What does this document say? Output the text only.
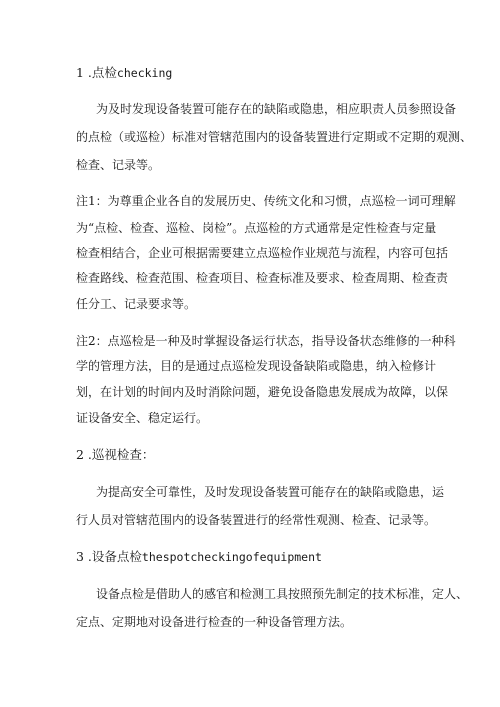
1 .点检checking
为及时发现设备装置可能存在的缺陷或隐患，相应职责人员参照设备
的点检（或巡检）标准对管辖范围内的设备装置进行定期或不定期的观测、
检查、记录等。
注1：为尊重企业各自的发展历史、传统文化和习惯，点巡检一词可理解
为“点检、检查、巡检、岗检”。点巡检的方式通常是定性检查与定量
检查相结合，企业可根据需要建立点巡检作业规范与流程，内容可包括
检查路线、检查范围、检查项目、检查标准及要求、检查周期、检查责
任分工、记录要求等。
注2：点巡检是一种及时掌握设备运行状态，指导设备状态维修的一种科
学的管理方法，目的是通过点巡检发现设备缺陷或隐患，纳入检修计
划，在计划的时间内及时消除问题，避免设备隐患发展成为故障，以保
证设备安全、稳定运行。
2 .巡视检查：
为提高安全可靠性，及时发现设备装置可能存在的缺陷或隐患，运
行人员对管辖范围内的设备装置进行的经常性观测、检查、记录等。
3 .设备点检thespotcheckingofequipment
设备点检是借助人的感官和检测工具按照预先制定的技术标准，定人、
定点、定期地对设备进行检查的一种设备管理方法。
